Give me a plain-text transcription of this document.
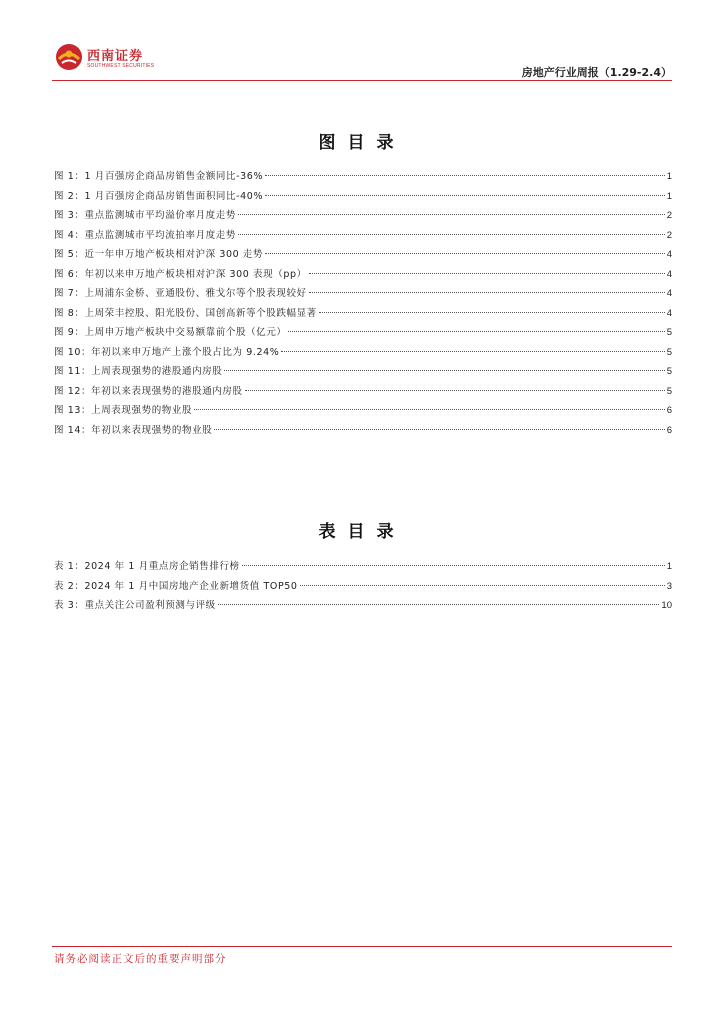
西南证券
SOUTHWEST SECURITIES	房地产行业周报（1.29-2.4）
图目录
图 1：1 月百强房企商品房销售金额同比-36%	1
图 2：1 月百强房企商品房销售面积同比-40%	1
图 3：重点监测城市平均溢价率月度走势	2
图 4：重点监测城市平均流拍率月度走势	2
图 5：近一年申万地产板块相对沪深 300 走势	4
图 6：年初以来申万地产板块相对沪深 300 表现（pp）	4
图 7：上周浦东金桥、亚通股份、雅戈尔等个股表现较好	4
图 8：上周荣丰控股、阳光股份、国创高新等个股跌幅显著	4
图 9：上周申万地产板块中交易额靠前个股（亿元）	5
图 10：年初以来申万地产上涨个股占比为 9.24%	5
图 11：上周表现强势的港股通内房股	5
图 12：年初以来表现强势的港股通内房股	5
图 13：上周表现强势的物业股	6
图 14：年初以来表现强势的物业股	6
表目录
表 1：2024 年 1 月重点房企销售排行榜	1
表 2：2024 年 1 月中国房地产企业新增货值 TOP50	3
表 3：重点关注公司盈利预测与评级	10
请务必阅读正文后的重要声明部分
